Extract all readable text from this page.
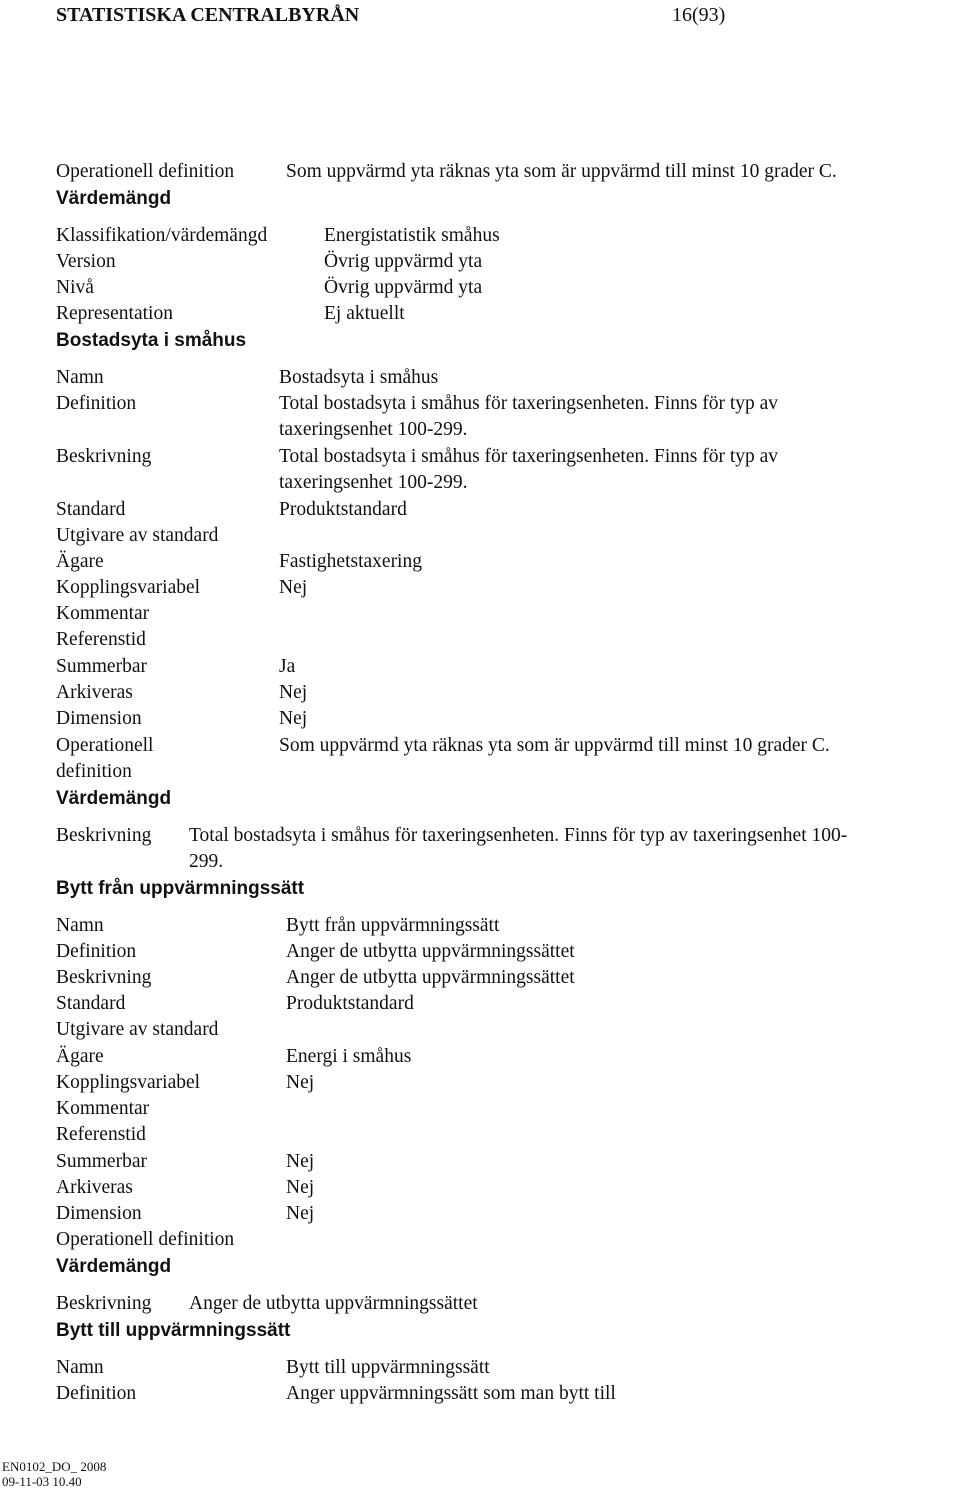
STATISTISKA CENTRALBYRÅN	16(93)
Operationell definition	Som uppvärmd yta räknas yta som är uppvärmd till minst 10 grader C.
Värdemängd
Klassifikation/värdemängd	Energistatistik småhus
Version	Övrig uppvärmd yta
Nivå	Övrig uppvärmd yta
Representation	Ej aktuellt
Bostadsyta i småhus
Namn	Bostadsyta i småhus
Definition	Total bostadsyta i småhus för taxeringsenheten. Finns för typ av
taxeringsenhet 100-299.
Beskrivning	Total bostadsyta i småhus för taxeringsenheten. Finns för typ av
taxeringsenhet 100-299.
Standard	Produktstandard
Utgivare av standard
Ägare	Fastighetstaxering
Kopplingsvariabel	Nej
Kommentar
Referenstid
Summerbar	Ja
Arkiveras	Nej
Dimension	Nej
Operationell	Som uppvärmd yta räknas yta som är uppvärmd till minst 10 grader C.
definition
Värdemängd
Beskrivning Total bostadsyta i småhus för taxeringsenheten. Finns för typ av taxeringsenhet 100-
299.
Bytt från uppvärmningssätt
Namn	Bytt från uppvärmningssätt
Definition	Anger de utbytta uppvärmningssättet
Beskrivning	Anger de utbytta uppvärmningssättet
Standard	Produktstandard
Utgivare av standard
Ägare	Energi i småhus
Kopplingsvariabel	Nej
Kommentar
Referenstid
Summerbar	Nej
Arkiveras	Nej
Dimension	Nej
Operationell definition
Värdemängd
Beskrivning Anger de utbytta uppvärmningssättet
Bytt till uppvärmningssätt
Namn	Bytt till uppvärmningssätt
Definition	Anger uppvärmningssätt som man bytt till
EN0102_DO_ 2008
09-11-03 10.40
